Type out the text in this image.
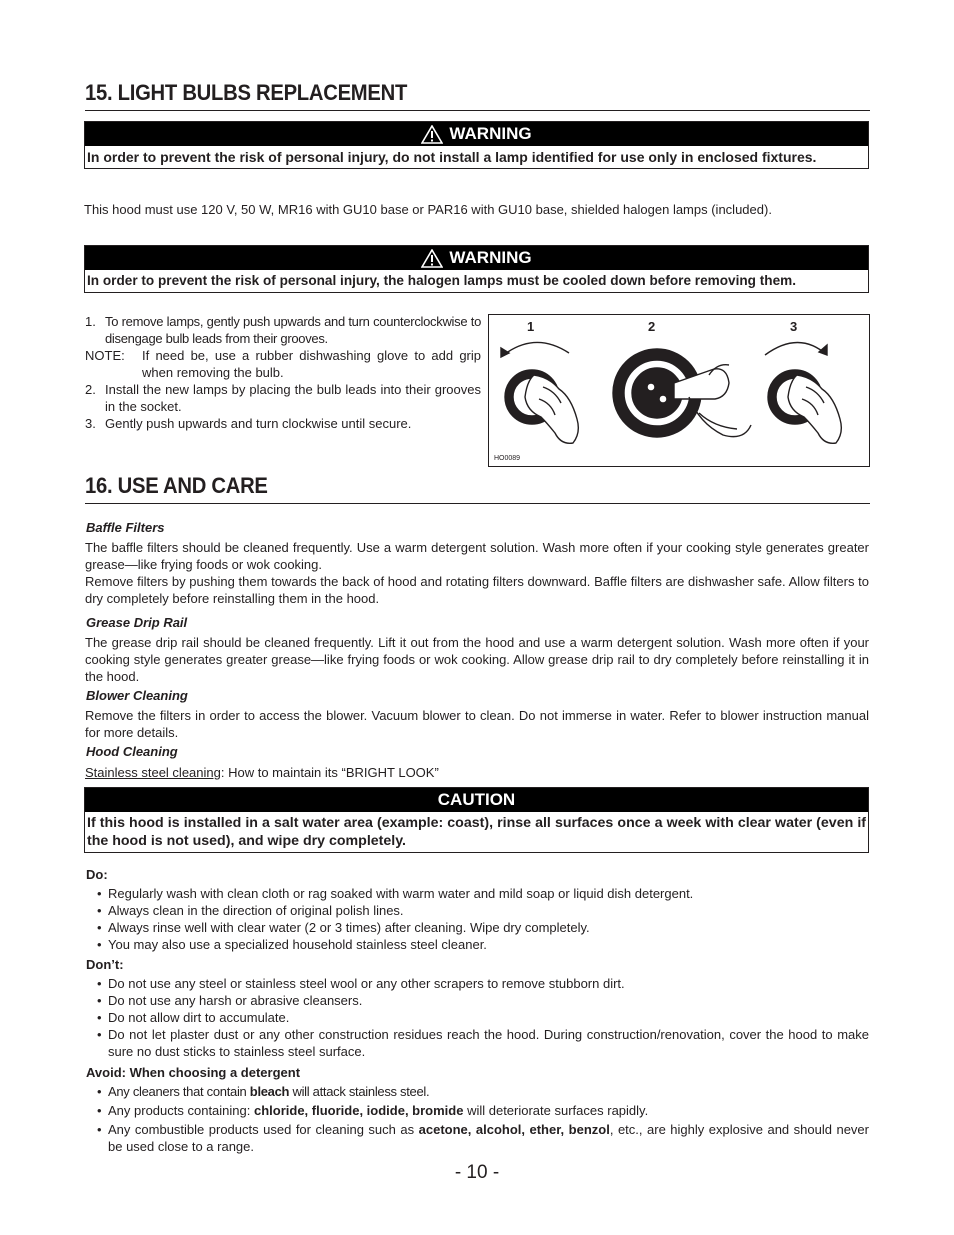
15. LIGHT BULBS REPLACEMENT
WARNING
In order to prevent the risk of personal injury, do not install a lamp identified for use only in enclosed fixtures.
This hood must use 120 V, 50 W, MR16 with GU10 base or PAR16 with GU10 base, shielded halogen lamps (included).
WARNING
In order to prevent the risk of personal injury, the halogen lamps must be cooled down before removing them.
1. To remove lamps, gently push upwards and turn counterclockwise to disengage bulb leads from their grooves.
NOTE: If need be, use a rubber dishwashing glove to add grip when removing the bulb.
2. Install the new lamps by placing the bulb leads into their grooves in the socket.
3. Gently push upwards and turn clockwise until secure.
1	2	3
HO0089
16. USE AND CARE
Baffle Filters
The baffle filters should be cleaned frequently. Use a warm detergent solution. Wash more often if your cooking style generates greater grease—like frying foods or wok cooking.
Remove filters by pushing them towards the back of hood and rotating filters downward. Baffle filters are dishwasher safe. Allow filters to dry completely before reinstalling them in the hood.
Grease Drip Rail
The grease drip rail should be cleaned frequently. Lift it out from the hood and use a warm detergent solution. Wash more often if your cooking style generates greater grease—like frying foods or wok cooking. Allow grease drip rail to dry completely before reinstalling it in the hood.
Blower Cleaning
Remove the filters in order to access the blower. Vacuum blower to clean. Do not immerse in water. Refer to blower instruction manual for more details.
Hood Cleaning
Stainless steel cleaning: How to maintain its “BRIGHT LOOK”
CAUTION
If this hood is installed in a salt water area (example: coast), rinse all surfaces once a week with clear water (even if the hood is not used), and wipe dry completely.
Do:
• Regularly wash with clean cloth or rag soaked with warm water and mild soap or liquid dish detergent.
• Always clean in the direction of original polish lines.
• Always rinse well with clear water (2 or 3 times) after cleaning. Wipe dry completely.
• You may also use a specialized household stainless steel cleaner.
Don’t:
• Do not use any steel or stainless steel wool or any other scrapers to remove stubborn dirt.
• Do not use any harsh or abrasive cleansers.
• Do not allow dirt to accumulate.
• Do not let plaster dust or any other construction residues reach the hood. During construction/renovation, cover the hood to make sure no dust sticks to stainless steel surface.
Avoid: When choosing a detergent
• Any cleaners that contain bleach will attack stainless steel.
• Any products containing: chloride, fluoride, iodide, bromide will deteriorate surfaces rapidly.
• Any combustible products used for cleaning such as acetone, alcohol, ether, benzol, etc., are highly explosive and should never be used close to a range.
- 10 -
